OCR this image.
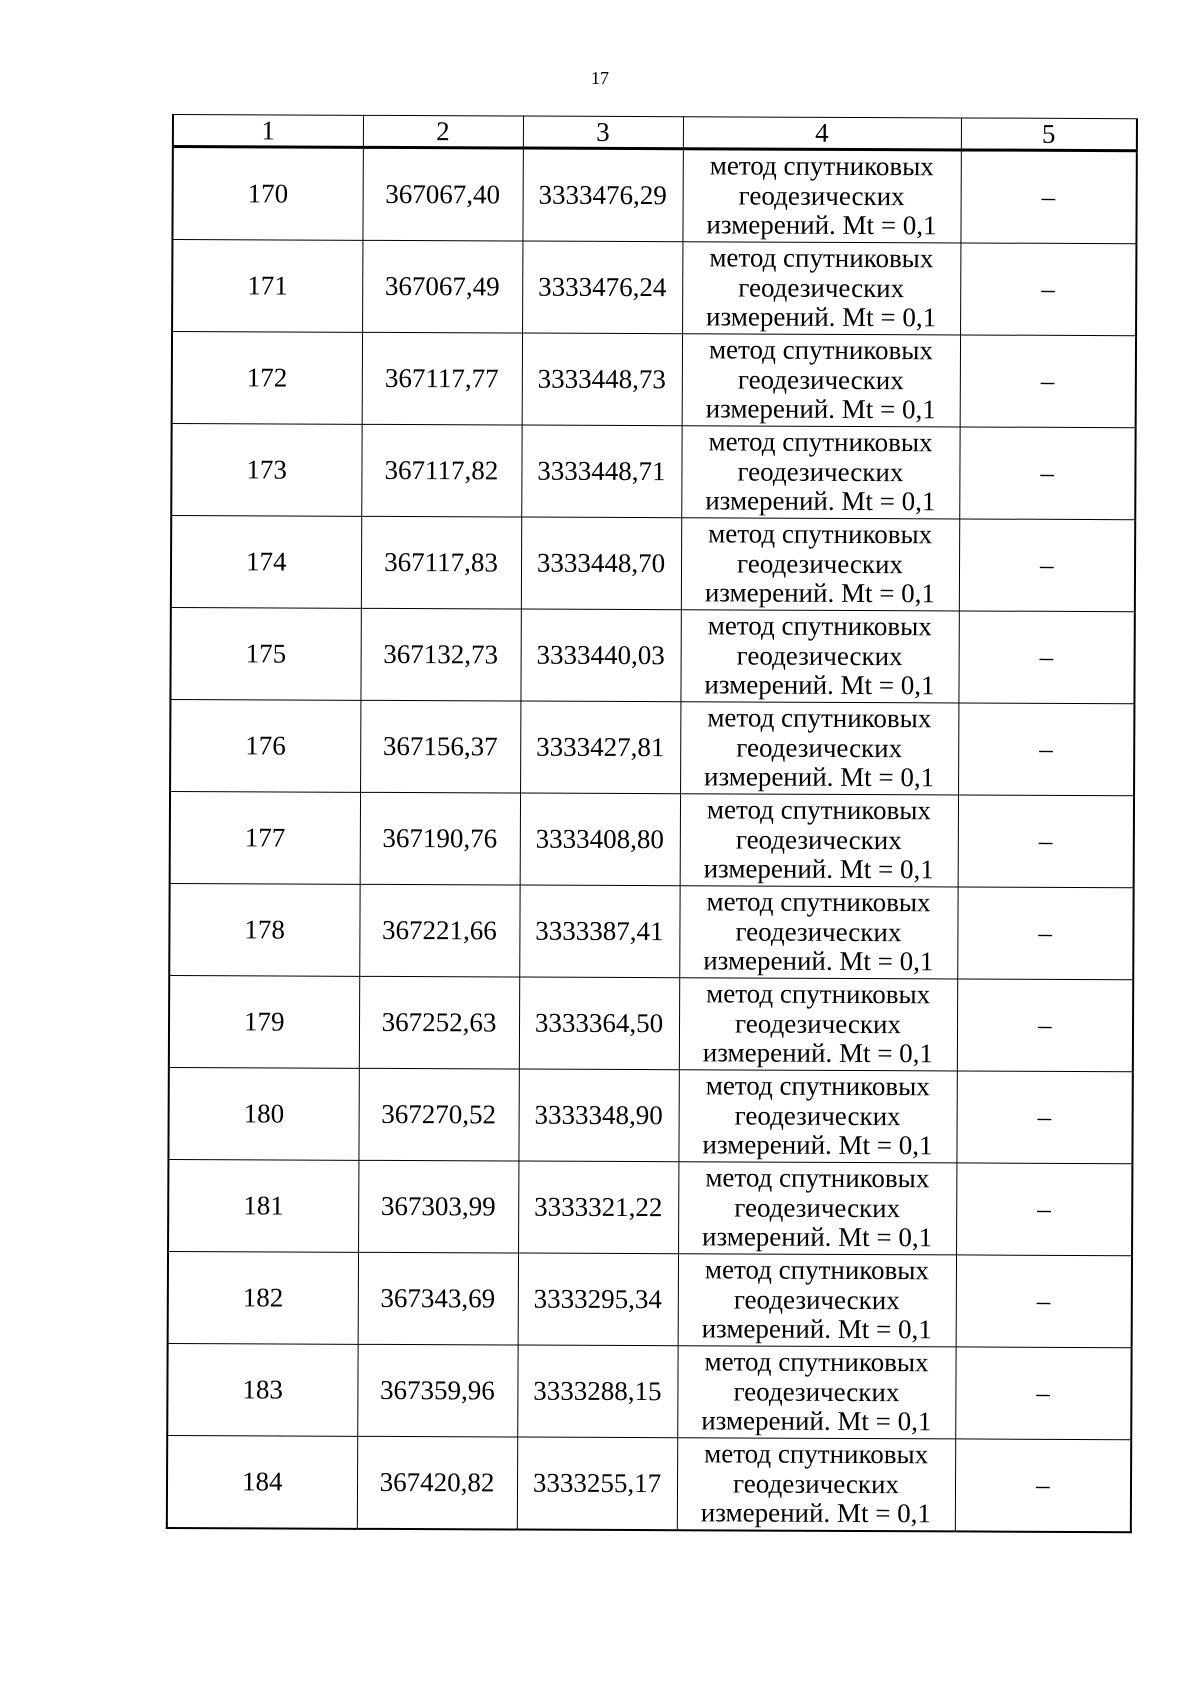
17
1	2	3	4	5
170	367067,40	3333476,29	метод спутниковых
геодезических
измерений. Mt = 0,1	–
171	367067,49	3333476,24	метод спутниковых
геодезических
измерений. Mt = 0,1	–
172	367117,77	3333448,73	метод спутниковых
геодезических
измерений. Mt = 0,1	–
173	367117,82	3333448,71	метод спутниковых
геодезических
измерений. Mt = 0,1	–
174	367117,83	3333448,70	метод спутниковых
геодезических
измерений. Mt = 0,1	–
175	367132,73	3333440,03	метод спутниковых
геодезических
измерений. Mt = 0,1	–
176	367156,37	3333427,81	метод спутниковых
геодезических
измерений. Mt = 0,1	–
177	367190,76	3333408,80	метод спутниковых
геодезических
измерений. Mt = 0,1	–
178	367221,66	3333387,41	метод спутниковых
геодезических
измерений. Mt = 0,1	–
179	367252,63	3333364,50	метод спутниковых
геодезических
измерений. Mt = 0,1	–
180	367270,52	3333348,90	метод спутниковых
геодезических
измерений. Mt = 0,1	–
181	367303,99	3333321,22	метод спутниковых
геодезических
измерений. Mt = 0,1	–
182	367343,69	3333295,34	метод спутниковых
геодезических
измерений. Mt = 0,1	–
183	367359,96	3333288,15	метод спутниковых
геодезических
измерений. Mt = 0,1	–
184	367420,82	3333255,17	метод спутниковых
геодезических
измерений. Mt = 0,1	–
